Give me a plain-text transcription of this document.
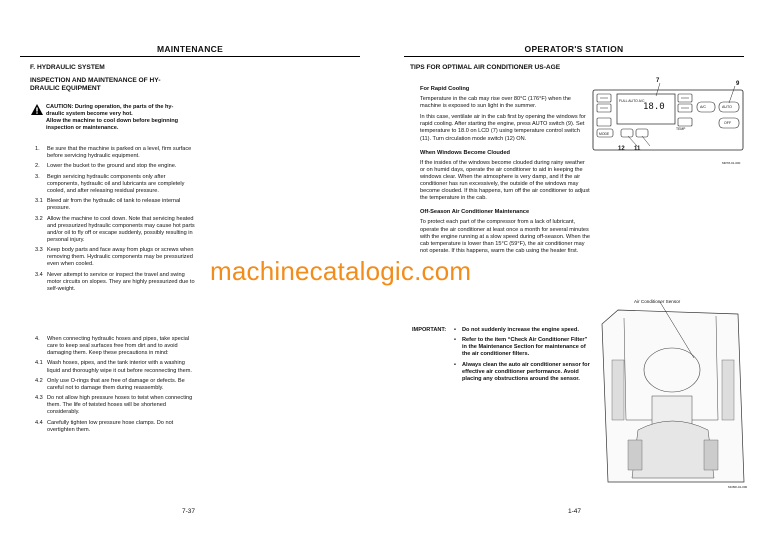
MAINTENANCE
F. HYDRAULIC SYSTEM
INSPECTION AND MAINTENANCE OF HY-DRAULIC EQUIPMENT
CAUTION: During operation, the parts of the hy-
draulic system become very hot.
Allow the machine to cool down before beginning
inspection or maintenance.
1.	Be sure that the machine is parked on a level, firm surface before servicing hydraulic equipment.
2.	Lower the bucket to the ground and stop the engine.
3.	Begin servicing hydraulic components only after components, hydraulic oil and lubricants are completely cooled, and after releasing residual pressure.
3.1 Bleed air from the hydraulic oil tank to release internal pressure.
3.2 Allow the machine to cool down. Note that servicing heated and pressurized hydraulic components may cause hot parts and/or oil to fly off or escape suddenly, possibly resulting in personal injury.
3.3 Keep body parts and face away from plugs or screws when removing them. Hydraulic components may be pressurized even when cooled.
3.4 Never attempt to service or inspect the travel and swing motor circuits on slopes. They are highly pressurized due to self-weight.
4.	When connecting hydraulic hoses and pipes, take special care to keep seal surfaces free from dirt and to avoid damaging them. Keep these precautions in mind:
4.1 Wash hoses, pipes, and the tank interior with a washing liquid and thoroughly wipe it out before reconnecting them.
4.2 Only use O-rings that are free of damage or defects. Be careful not to damage them during reassembly.
4.3 Do not allow high pressure hoses to twist when connecting them. The life of twisted hoses will be shortened considerably.
4.4 Carefully tighten low pressure hose clamps. Do not overtighten them.
7-37
OPERATOR'S STATION
TIPS FOR OPTIMAL AIR CONDITIONER US-AGE
For Rapid Cooling
Temperature in the cab may rise over 80°C (176°F) when the machine is exposed to sun light in the summer.
In this case, ventilate air in the cab first by opening the windows for rapid cooling. After starting the engine, press AUTO switch (9). Set temperature to 18.0 on LCD (7) using temperature control switch (11). Turn circulation mode switch (12) ON.
When Windows Become Clouded
If the insides of the windows become clouded during rainy weather or on humid days, operate the air conditioner to aid in keeping the windows clear. When the atmosphere is very damp, and if the air conditioner has run excessively, the outside of the windows may become clouded. If this happens, turn off the air conditioner to adjust the temperature in the cab.
Off-Season Air Conditioner Maintenance
To protect each part of the compressor from a lack of lubricant, operate the air conditioner at least once a month for several minutes with the engine running at a slow speed during off-season. When the cab temperature is lower than 15°C (59°F), the air conditioner may not operate. If this happens, warm the cab using the heater first.
IMPORTANT: •	Do not suddenly increase the engine speed.
•	Refer to the item “Check Air Conditioner Filter” in the Maintenance Section for maintenance of the air conditioner filters.
•	Always clean the auto air conditioner sensor for effective air conditioner performance. Avoid placing any obstructions around the sensor.
FULL AUTO A/C
18.0	A/C	AUTO
OFF
MODE
TEMP
7	9
12 11
MR78-01-000
Air Conditioner Sensor
MCBR-01-000
1-47
machinecatalogic.com
